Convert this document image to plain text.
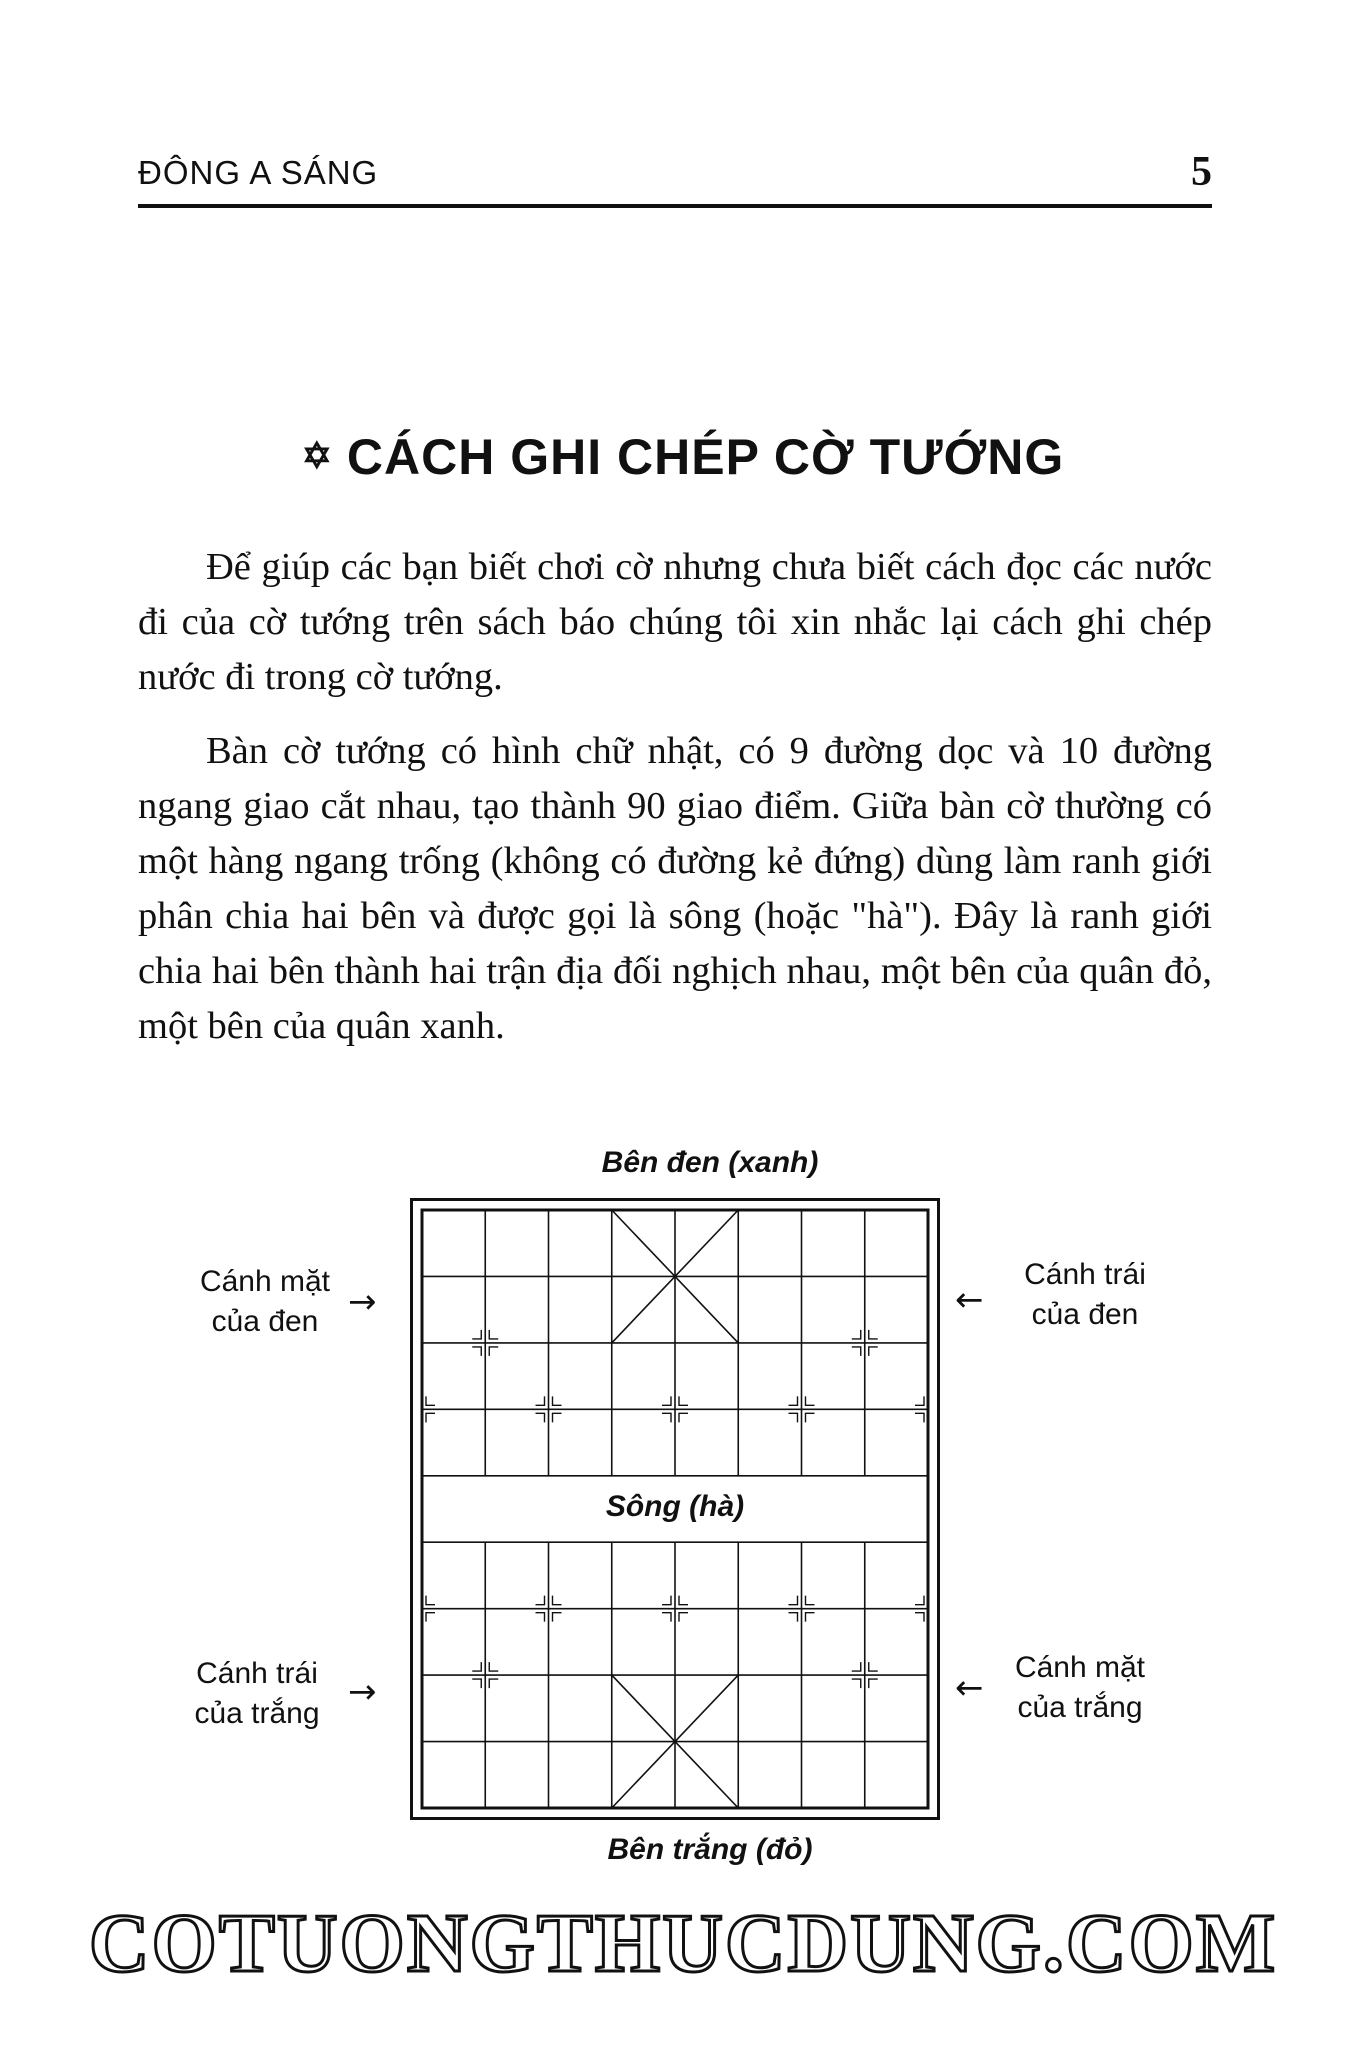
ĐÔNG A SÁNG	5
✡ CÁCH GHI CHÉP CỜ TƯỚNG

Để giúp các bạn biết chơi cờ nhưng chưa biết cách đọc các nước đi của cờ tướng trên sách báo chúng tôi xin nhắc lại cách ghi chép nước đi trong cờ tướng.

Bàn cờ tướng có hình chữ nhật, có 9 đường dọc và 10 đường ngang giao cắt nhau, tạo thành 90 giao điểm. Giữa bàn cờ thường có một hàng ngang trống (không có đường kẻ đứng) dùng làm ranh giới phân chia hai bên và được gọi là sông (hoặc "hà"). Đây là ranh giới chia hai bên thành hai trận địa đối nghịch nhau, một bên của quân đỏ, một bên của quân xanh.

Bên đen (xanh)
Bên trắng (đỏ)
Cánh mặt
của đen
Cánh trái
của đen
Cánh trái
của trắng
Cánh mặt
của trắng
→	←
→	←
Sông (hà)
COTUONGTHUCDUNG.COM
